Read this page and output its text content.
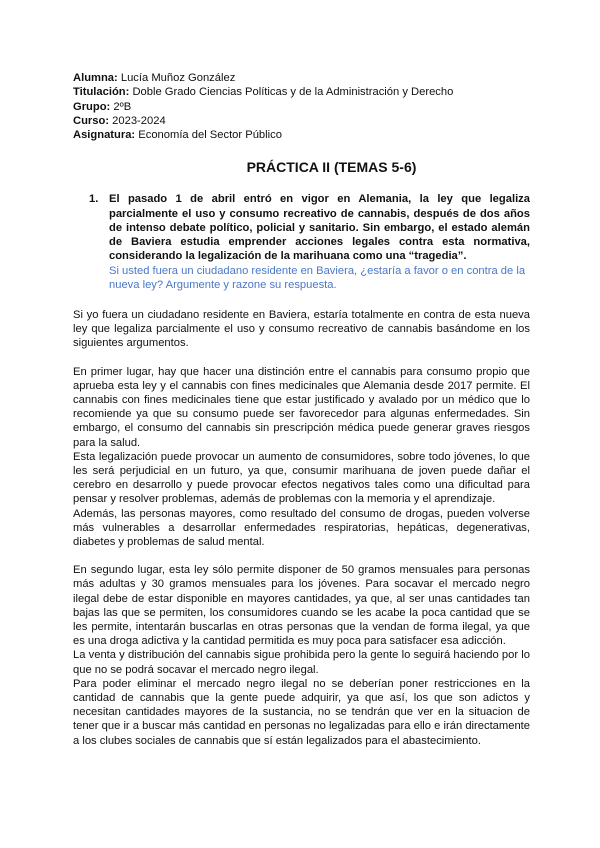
Alumna: Lucía Muñoz González
Titulación: Doble Grado Ciencias Políticas y de la Administración y Derecho
Grupo: 2ºB
Curso: 2023-2024
Asignatura: Economía del Sector Público
PRÁCTICA II (TEMAS 5-6)
1. El pasado 1 de abril entró en vigor en Alemania, la ley que legaliza parcialmente el uso y consumo recreativo de cannabis, después de dos años de intenso debate político, policial y sanitario. Sin embargo, el estado alemán de Baviera estudia emprender acciones legales contra esta normativa, considerando la legalización de la marihuana como una “tragedia”.
Si usted fuera un ciudadano residente en Baviera, ¿estaría a favor o en contra de la nueva ley? Argumente y razone su respuesta.

Si yo fuera un ciudadano residente en Baviera, estaría totalmente en contra de esta nueva ley que legaliza parcialmente el uso y consumo recreativo de cannabis basándome en los siguientes argumentos.

En primer lugar, hay que hacer una distinción entre el cannabis para consumo propio que aprueba esta ley y el cannabis con fines medicinales que Alemania desde 2017 permite. El cannabis con fines medicinales tiene que estar justificado y avalado por un médico que lo recomiende ya que su consumo puede ser favorecedor para algunas enfermedades. Sin embargo, el consumo del cannabis sin prescripción médica puede generar graves riesgos para la salud.

Esta legalización puede provocar un aumento de consumidores, sobre todo jóvenes, lo que les será perjudicial en un futuro, ya que, consumir marihuana de joven puede dañar el cerebro en desarrollo y puede provocar efectos negativos tales como una dificultad para pensar y resolver problemas, además de problemas con la memoria y el aprendizaje.

Además, las personas mayores, como resultado del consumo de drogas, pueden volverse más vulnerables a desarrollar enfermedades respiratorias, hepáticas, degenerativas, diabetes y problemas de salud mental.

En segundo lugar, esta ley sólo permite disponer de 50 gramos mensuales para personas más adultas y 30 gramos mensuales para los jóvenes. Para socavar el mercado negro ilegal debe de estar disponible en mayores cantidades, ya que, al ser unas cantidades tan bajas las que se permiten, los consumidores cuando se les acabe la poca cantidad que se les permite, intentarán buscarlas en otras personas que la vendan de forma ilegal, ya que es una droga adictiva y la cantidad permitida es muy poca para satisfacer esa adicción.

La venta y distribución del cannabis sigue prohibida pero la gente lo seguirá haciendo por lo que no se podrá socavar el mercado negro ilegal.

Para poder eliminar el mercado negro ilegal no se deberían poner restricciones en la cantidad de cannabis que la gente puede adquirir, ya que así, los que son adictos y necesitan cantidades mayores de la sustancia, no se tendrán que ver en la situacion de tener que ir a buscar más cantidad en personas no legalizadas para ello e irán directamente a los clubes sociales de cannabis que sí están legalizados para el abastecimiento.
